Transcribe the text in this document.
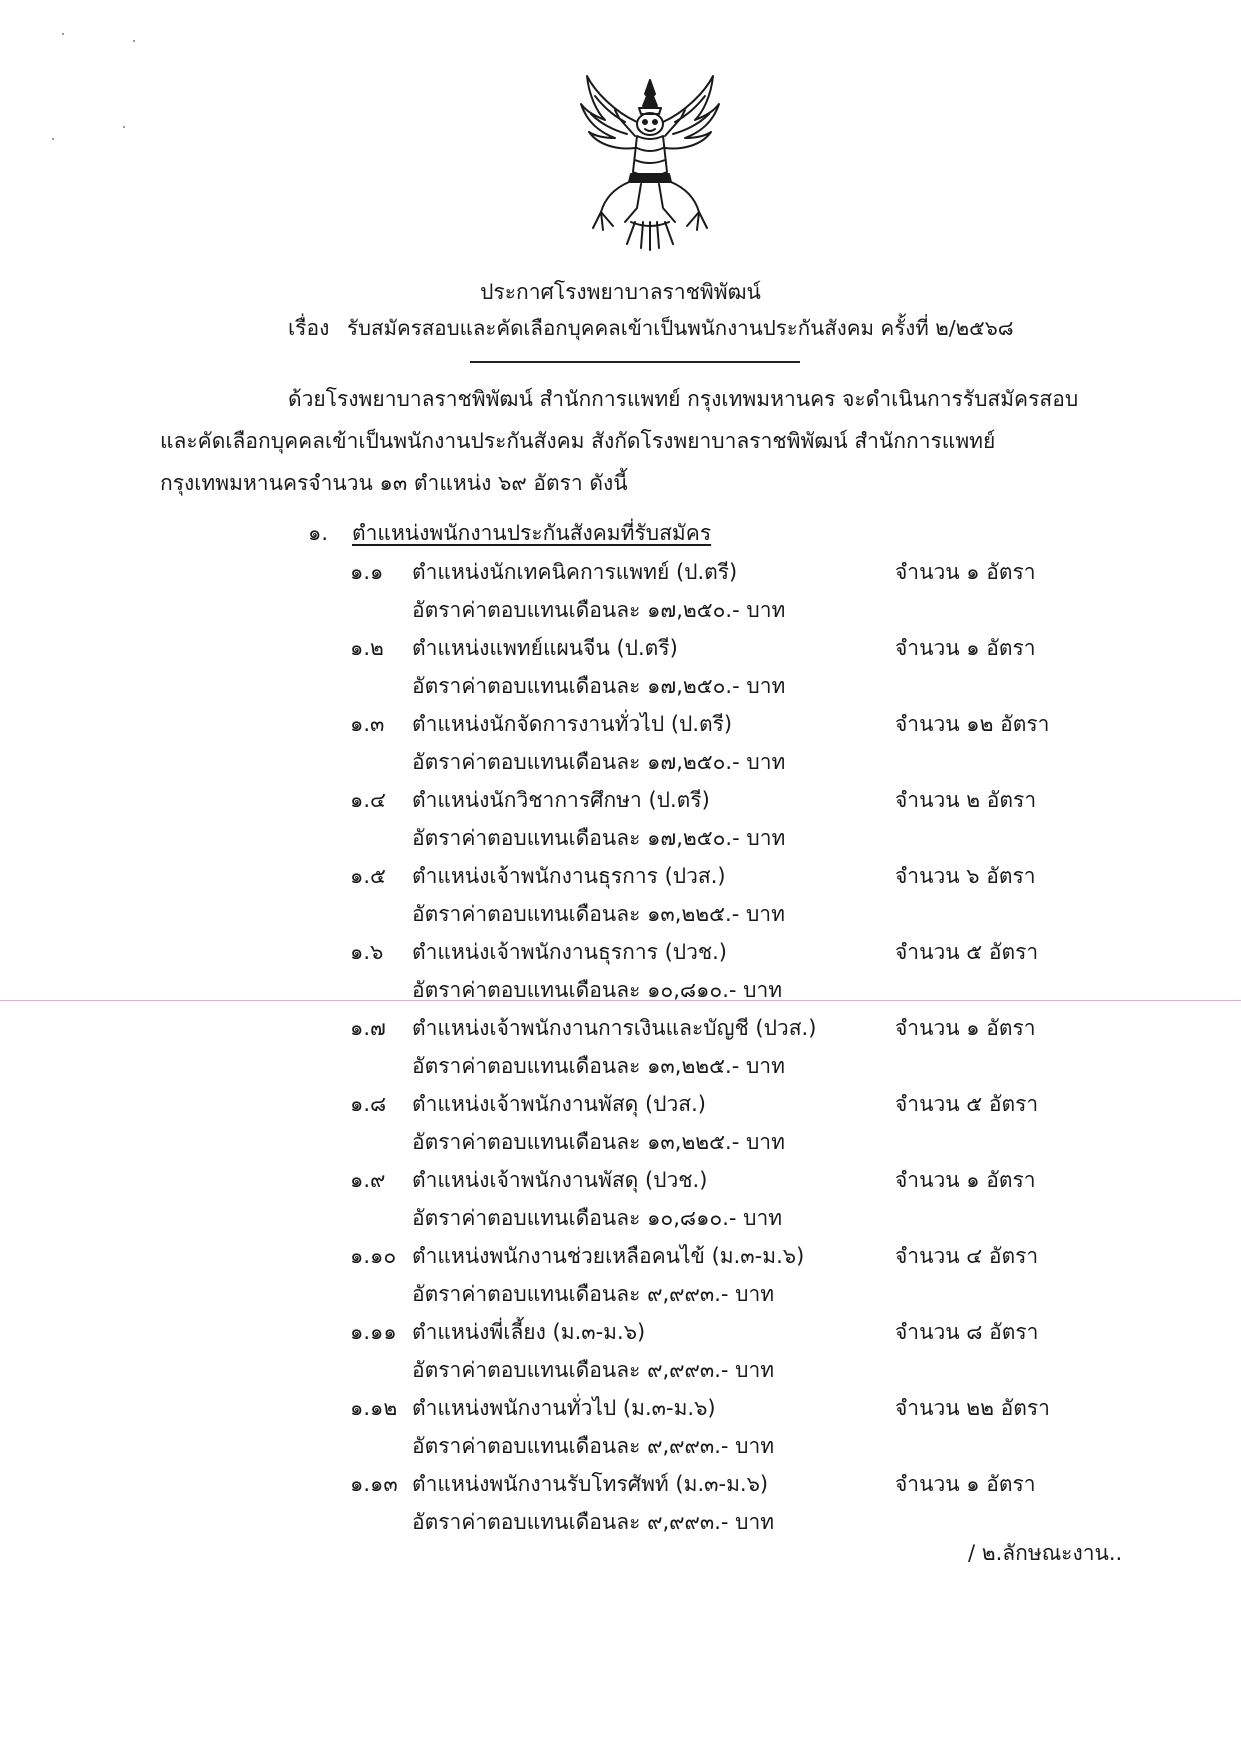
ประกาศโรงพยาบาลราชพิพัฒน์
เรื่อง รับสมัครสอบและคัดเลือกบุคคลเข้าเป็นพนักงานประกันสังคม ครั้งที่ ๒/๒๕๖๘
ด้วยโรงพยาบาลราชพิพัฒน์ สำนักการแพทย์ กรุงเทพมหานคร จะดำเนินการรับสมัครสอบ
และคัดเลือกบุคคลเข้าเป็นพนักงานประกันสังคม สังกัดโรงพยาบาลราชพิพัฒน์ สำนักการแพทย์
กรุงเทพมหานครจำนวน ๑๓ ตำแหน่ง ๖๙ อัตรา ดังนี้
๑. ตำแหน่งพนักงานประกันสังคมที่รับสมัคร
๑.๑ ตำแหน่งนักเทคนิคการแพทย์ (ป.ตรี)	จำนวน ๑ อัตรา
อัตราค่าตอบแทนเดือนละ ๑๗,๒๕๐.- บาท
๑.๒ ตำแหน่งแพทย์แผนจีน (ป.ตรี)	จำนวน ๑ อัตรา
อัตราค่าตอบแทนเดือนละ ๑๗,๒๕๐.- บาท
๑.๓ ตำแหน่งนักจัดการงานทั่วไป (ป.ตรี)	จำนวน ๑๒ อัตรา
อัตราค่าตอบแทนเดือนละ ๑๗,๒๕๐.- บาท
๑.๔ ตำแหน่งนักวิชาการศึกษา (ป.ตรี)	จำนวน ๒ อัตรา
อัตราค่าตอบแทนเดือนละ ๑๗,๒๕๐.- บาท
๑.๕ ตำแหน่งเจ้าพนักงานธุรการ (ปวส.)	จำนวน ๖ อัตรา
อัตราค่าตอบแทนเดือนละ ๑๓,๒๒๕.- บาท
๑.๖ ตำแหน่งเจ้าพนักงานธุรการ (ปวช.)	จำนวน ๕ อัตรา
อัตราค่าตอบแทนเดือนละ ๑๐,๘๑๐.- บาท
๑.๗ ตำแหน่งเจ้าพนักงานการเงินและบัญชี (ปวส.)	จำนวน ๑ อัตรา
อัตราค่าตอบแทนเดือนละ ๑๓,๒๒๕.- บาท
๑.๘ ตำแหน่งเจ้าพนักงานพัสดุ (ปวส.)	จำนวน ๕ อัตรา
อัตราค่าตอบแทนเดือนละ ๑๓,๒๒๕.- บาท
๑.๙ ตำแหน่งเจ้าพนักงานพัสดุ (ปวช.)	จำนวน ๑ อัตรา
อัตราค่าตอบแทนเดือนละ ๑๐,๘๑๐.- บาท
๑.๑๐ ตำแหน่งพนักงานช่วยเหลือคนไข้ (ม.๓-ม.๖)	จำนวน ๔ อัตรา
อัตราค่าตอบแทนเดือนละ ๙,๙๙๓.- บาท
๑.๑๑ ตำแหน่งพี่เลี้ยง (ม.๓-ม.๖)	จำนวน ๘ อัตรา
อัตราค่าตอบแทนเดือนละ ๙,๙๙๓.- บาท
๑.๑๒ ตำแหน่งพนักงานทั่วไป (ม.๓-ม.๖)	จำนวน ๒๒ อัตรา
อัตราค่าตอบแทนเดือนละ ๙,๙๙๓.- บาท
๑.๑๓ ตำแหน่งพนักงานรับโทรศัพท์ (ม.๓-ม.๖)	จำนวน ๑ อัตรา
อัตราค่าตอบแทนเดือนละ ๙,๙๙๓.- บาท
/ ๒.ลักษณะงาน..
